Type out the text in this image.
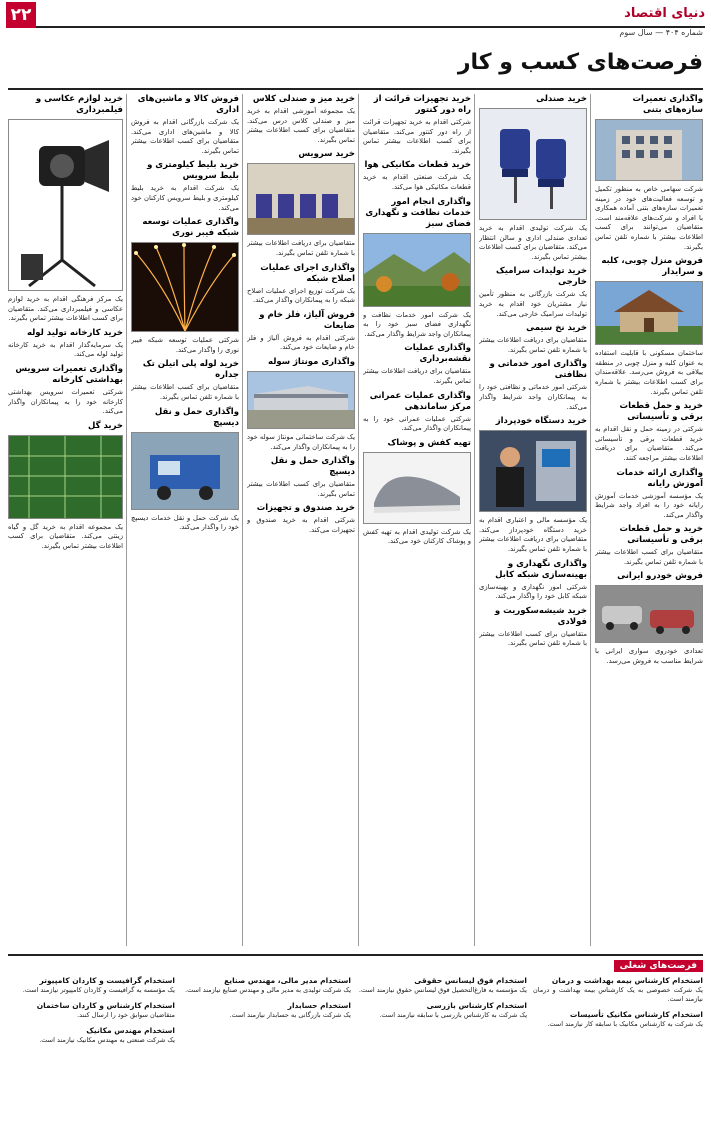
دنیای اقتصاد
۲۲
شماره ۴۰۴ — سال سوم
فرصت‌های کسب و کار
واگذاری تعمیرات سازه‌های بتنی

شرکت سهامی خاص به منظور تکمیل و توسعه فعالیت‌های خود در زمینه تعمیرات سازه‌های بتنی آماده همکاری با افراد و شرکت‌های علاقه‌مند است. متقاضیان می‌توانند برای کسب اطلاعات بیشتر با شماره تلفن تماس بگیرند.

فروش منزل چوبی، کلبه و سرایدار

ساختمان مسکونی با قابلیت استفاده به عنوان کلبه و منزل چوبی در منطقه ییلاقی به فروش می‌رسد. علاقه‌مندان برای کسب اطلاعات بیشتر با شماره تلفن تماس بگیرند.

خرید و حمل قطعات برقی و تأسیساتی

شرکتی در زمینه حمل و نقل اقدام به خرید قطعات برقی و تأسیساتی می‌کند. متقاضیان برای دریافت اطلاعات بیشتر مراجعه کنند.

واگذاری ارائه خدمات آموزش رایانه

یک مؤسسه آموزشی خدمات آموزش رایانه خود را به افراد واجد شرایط واگذار می‌کند.

خرید و حمل قطعات برقی و تأسیساتی

متقاضیان برای کسب اطلاعات بیشتر با شماره تلفن تماس بگیرند.

فروش خودرو ایرانی

تعدادی خودروی سواری ایرانی با شرایط مناسب به فروش می‌رسد.

خرید صندلی

یک شرکت تولیدی اقدام به خرید تعدادی صندلی اداری و سالن انتظار می‌کند. متقاضیان برای کسب اطلاعات بیشتر تماس بگیرند.

خرید تولیدات سرامیک خارجی

یک شرکت بازرگانی به منظور تأمین نیاز مشتریان خود اقدام به خرید تولیدات سرامیک خارجی می‌کند.

خرید نخ سیمی

متقاضیان برای دریافت اطلاعات بیشتر با شماره تلفن تماس بگیرند.

واگذاری امور خدماتی و نظافتی

شرکتی امور خدماتی و نظافتی خود را به پیمانکاران واجد شرایط واگذار می‌کند.

خرید دستگاه خودپرداز

یک مؤسسه مالی و اعتباری اقدام به خرید دستگاه خودپرداز می‌کند. متقاضیان برای دریافت اطلاعات بیشتر با شماره تلفن تماس بگیرند.

واگذاری نگهداری و بهینه‌سازی شبکه کابل

شرکتی امور نگهداری و بهینه‌سازی شبکه کابل خود را واگذار می‌کند.

خرید شیشه‌سکوریت و فولادی

متقاضیان برای کسب اطلاعات بیشتر با شماره تلفن تماس بگیرند.

خرید تجهیزات قرائت از راه دور کنتور

شرکتی اقدام به خرید تجهیزات قرائت از راه دور کنتور می‌کند. متقاضیان برای کسب اطلاعات بیشتر تماس بگیرند.

خرید قطعات مکانیکی هوا

یک شرکت صنعتی اقدام به خرید قطعات مکانیکی هوا می‌کند.

واگذاری انجام امور خدمات نظافت و نگهداری فضای سبز

یک شرکت امور خدمات نظافت و نگهداری فضای سبز خود را به پیمانکاران واجد شرایط واگذار می‌کند.

واگذاری عملیات نقشه‌برداری

متقاضیان برای دریافت اطلاعات بیشتر تماس بگیرند.

واگذاری عملیات عمرانی مرکز ساماندهی

شرکتی عملیات عمرانی خود را به پیمانکاران واگذار می‌کند.

تهیه کفش و پوشاک

یک شرکت تولیدی اقدام به تهیه کفش و پوشاک کارکنان خود می‌کند.

خرید میز و صندلی کلاس

یک مجموعه آموزشی اقدام به خرید میز و صندلی کلاس درس می‌کند. متقاضیان برای کسب اطلاعات بیشتر تماس بگیرند.

خرید سرویس

متقاضیان برای دریافت اطلاعات بیشتر با شماره تلفن تماس بگیرند.

واگذاری اجرای عملیات اصلاح شبکه

یک شرکت توزیع اجرای عملیات اصلاح شبکه را به پیمانکاران واگذار می‌کند.

فروش آلیاژ، فلز خام و ضایعات

شرکتی اقدام به فروش آلیاژ و فلز خام و ضایعات خود می‌کند.

واگذاری مونتاژ سوله

یک شرکت ساختمانی مونتاژ سوله خود را به پیمانکاران واگذار می‌کند.

واگذاری حمل و نقل دیسپچ

متقاضیان برای کسب اطلاعات بیشتر تماس بگیرند.

خرید صندوق و تجهیزات

شرکتی اقدام به خرید صندوق و تجهیزات می‌کند.

فروش کالا و ماشین‌های اداری

یک شرکت بازرگانی اقدام به فروش کالا و ماشین‌های اداری می‌کند. متقاضیان برای کسب اطلاعات بیشتر تماس بگیرند.

خرید بلیط کیلومتری و بلیط سرویس

یک شرکت اقدام به خرید بلیط کیلومتری و بلیط سرویس کارکنان خود می‌کند.

واگذاری عملیات توسعه شبکه فیبر نوری

شرکتی عملیات توسعه شبکه فیبر نوری را واگذار می‌کند.

خرید لوله پلی اتیلن تک جداره

متقاضیان برای کسب اطلاعات بیشتر با شماره تلفن تماس بگیرند.

واگذاری حمل و نقل دیسپچ

یک شرکت حمل و نقل خدمات دیسپچ خود را واگذار می‌کند.

خرید لوازم عکاسی و فیلمبرداری

یک مرکز فرهنگی اقدام به خرید لوازم عکاسی و فیلمبرداری می‌کند. متقاضیان برای کسب اطلاعات بیشتر تماس بگیرند.

خرید کارخانه تولید لوله

یک سرمایه‌گذار اقدام به خرید کارخانه تولید لوله می‌کند.

واگذاری تعمیرات سرویس بهداشتی کارخانه

شرکتی تعمیرات سرویس بهداشتی کارخانه خود را به پیمانکاران واگذار می‌کند.

خرید گل

یک مجموعه اقدام به خرید گل و گیاه زینتی می‌کند. متقاضیان برای کسب اطلاعات بیشتر تماس بگیرند.

فرصت‌های شغلی
استخدام کارشناس بیمه بهداشت و درمان

یک شرکت خصوصی به یک کارشناس بیمه بهداشت و درمان نیازمند است.

استخدام کارشناس مکانیک تأسیسات

یک شرکت به کارشناس مکانیک با سابقه کار نیازمند است.

استخدام فوق لیسانس حقوقی

یک مؤسسه به فارغ‌التحصیل فوق لیسانس حقوق نیازمند است.

استخدام کارشناس بازرسی

یک شرکت به کارشناس بازرسی با سابقه نیازمند است.

استخدام مدیر مالی، مهندس صنایع

یک شرکت تولیدی به مدیر مالی و مهندس صنایع نیازمند است.

استخدام حسابدار

یک شرکت بازرگانی به حسابدار نیازمند است.

استخدام گرافیست و کاردان کامپیوتر

یک مؤسسه به گرافیست و کاردان کامپیوتر نیازمند است.

استخدام کارشناس و کاردان ساختمان

متقاضیان سوابق خود را ارسال کنند.

استخدام مهندس مکانیک

یک شرکت صنعتی به مهندس مکانیک نیازمند است.
